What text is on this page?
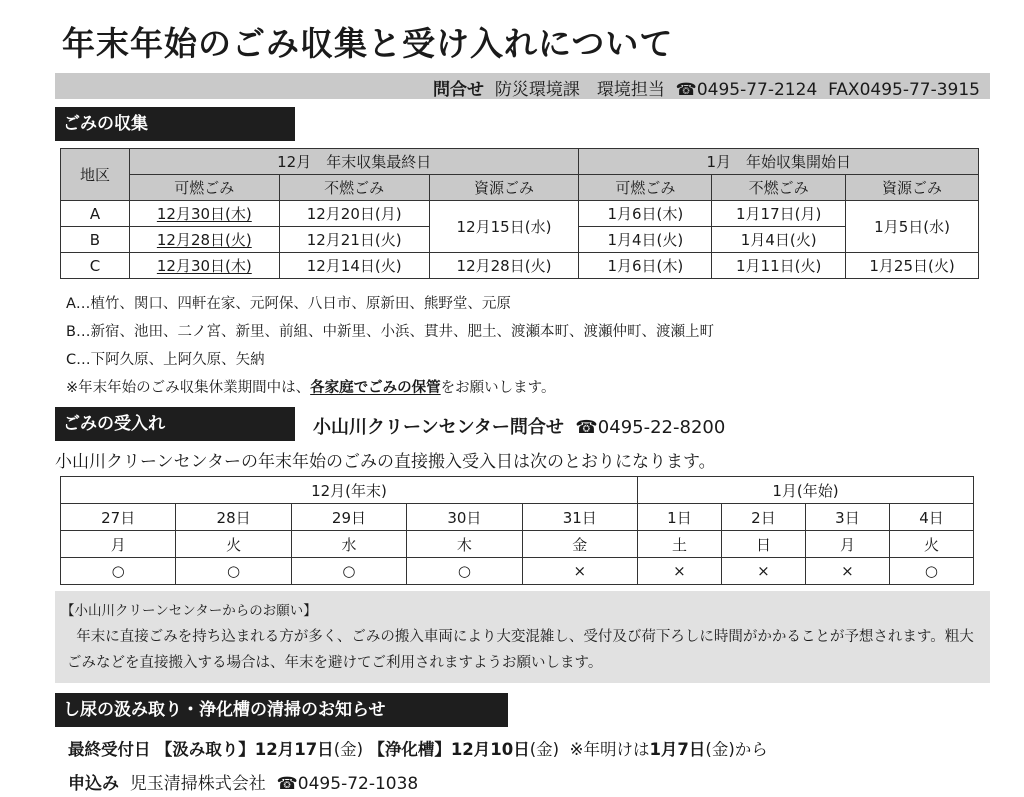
年末年始のごみ収集と受け入れについて
問合せ 防災環境課　環境担当 ☎0495-77-2124 FAX0495-77-3915
ごみの収集
地区	12月　年末収集最終日			1月　年始収集開始日		
	可燃ごみ	不燃ごみ	資源ごみ	可燃ごみ	不燃ごみ	資源ごみ
A	12月30日(木)	12月20日(月)	12月15日(水)	1月6日(木)	1月17日(月)	1月5日(水)
B	12月28日(火)	12月21日(火)		1月4日(火)	1月4日(火)	
C	12月30日(木)	12月14日(火)	12月28日(火)	1月6日(木)	1月11日(火)	1月25日(火)
A…植竹、関口、四軒在家、元阿保、八日市、原新田、熊野堂、元原
B…新宿、池田、二ノ宮、新里、前組、中新里、小浜、貫井、肥土、渡瀬本町、渡瀬仲町、渡瀬上町
C…下阿久原、上阿久原、矢納
※年末年始のごみ収集休業期間中は、各家庭でごみの保管をお願いします。
ごみの受入れ	小山川クリーンセンター問合せ ☎0495-22-8200
小山川クリーンセンターの年末年始のごみの直接搬入受入日は次のとおりになります。
12月(年末)					1月(年始)			
27日	28日	29日	30日	31日	1日	2日	3日	4日
月	火	水	木	金	土	日	月	火
○	○	○	○	×	×	×	×	○
【小山川クリーンセンターからのお願い】
年末に直接ごみを持ち込まれる方が多く、ごみの搬入車両により大変混雑し、受付及び荷下ろしに時間がかかることが予想されます。粗大ごみなどを直接搬入する場合は、年末を避けてご利用されますようお願いします。
し尿の汲み取り・浄化槽の清掃のお知らせ
最終受付日 【汲み取り】12月17日(金) 【浄化槽】12月10日(金) ※年明けは1月7日(金)から
申込み 児玉清掃株式会社 ☎0495-72-1038
